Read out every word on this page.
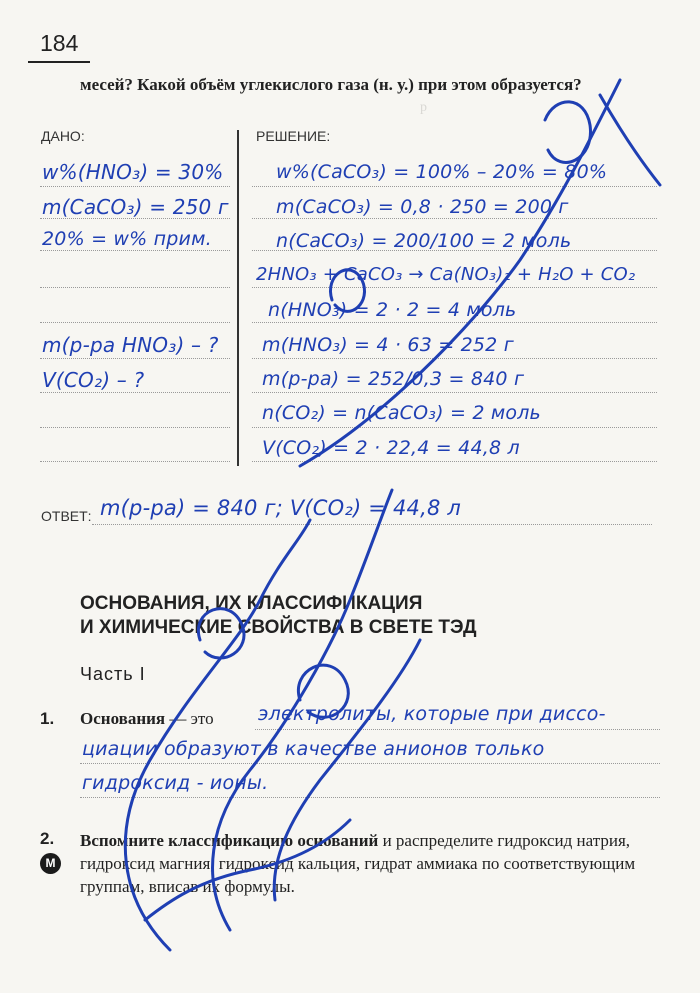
184
р
месей? Какой объём углекислого газа (н. у.) при этом образуется?
ДАНО:	РЕШЕНИЕ:
w%(HNO₃) = 30%
m(CaCO₃) = 250 г
20% = w% прим.
m(p-pa HNO₃) – ?
V(CO₂) – ?
w%(CaCO₃) = 100% – 20% = 80%
m(CaCO₃) = 0,8 · 250 = 200 г
n(CaCO₃) = 200/100 = 2 моль
2HNO₃ + CaCO₃ → Ca(NO₃)₂ + H₂O + CO₂
n(HNO₃) = 2 · 2 = 4 моль
m(HNO₃) = 4 · 63 = 252 г
m(p-pa) = 252/0,3 = 840 г
n(CO₂) = n(CaCO₃) = 2 моль
V(CO₂) = 2 · 22,4 = 44,8 л
ОТВЕТ: m(p-pa) = 840 г; V(CO₂) = 44,8 л
ОСНОВАНИЯ, ИХ КЛАССИФИКАЦИЯ
И ХИМИЧЕСКИЕ СВОЙСТВА В СВЕТЕ ТЭД
Часть I
1. Основания — это электролиты, которые при диссо-
циации образуют в качестве анионов только
гидроксид - ионы.
2.
М
Вспомните классификацию оснований и распределите гидроксид натрия, гидроксид магния, гидроксид кальция, гидрат аммиака по соответствующим группам, вписав их формулы.
